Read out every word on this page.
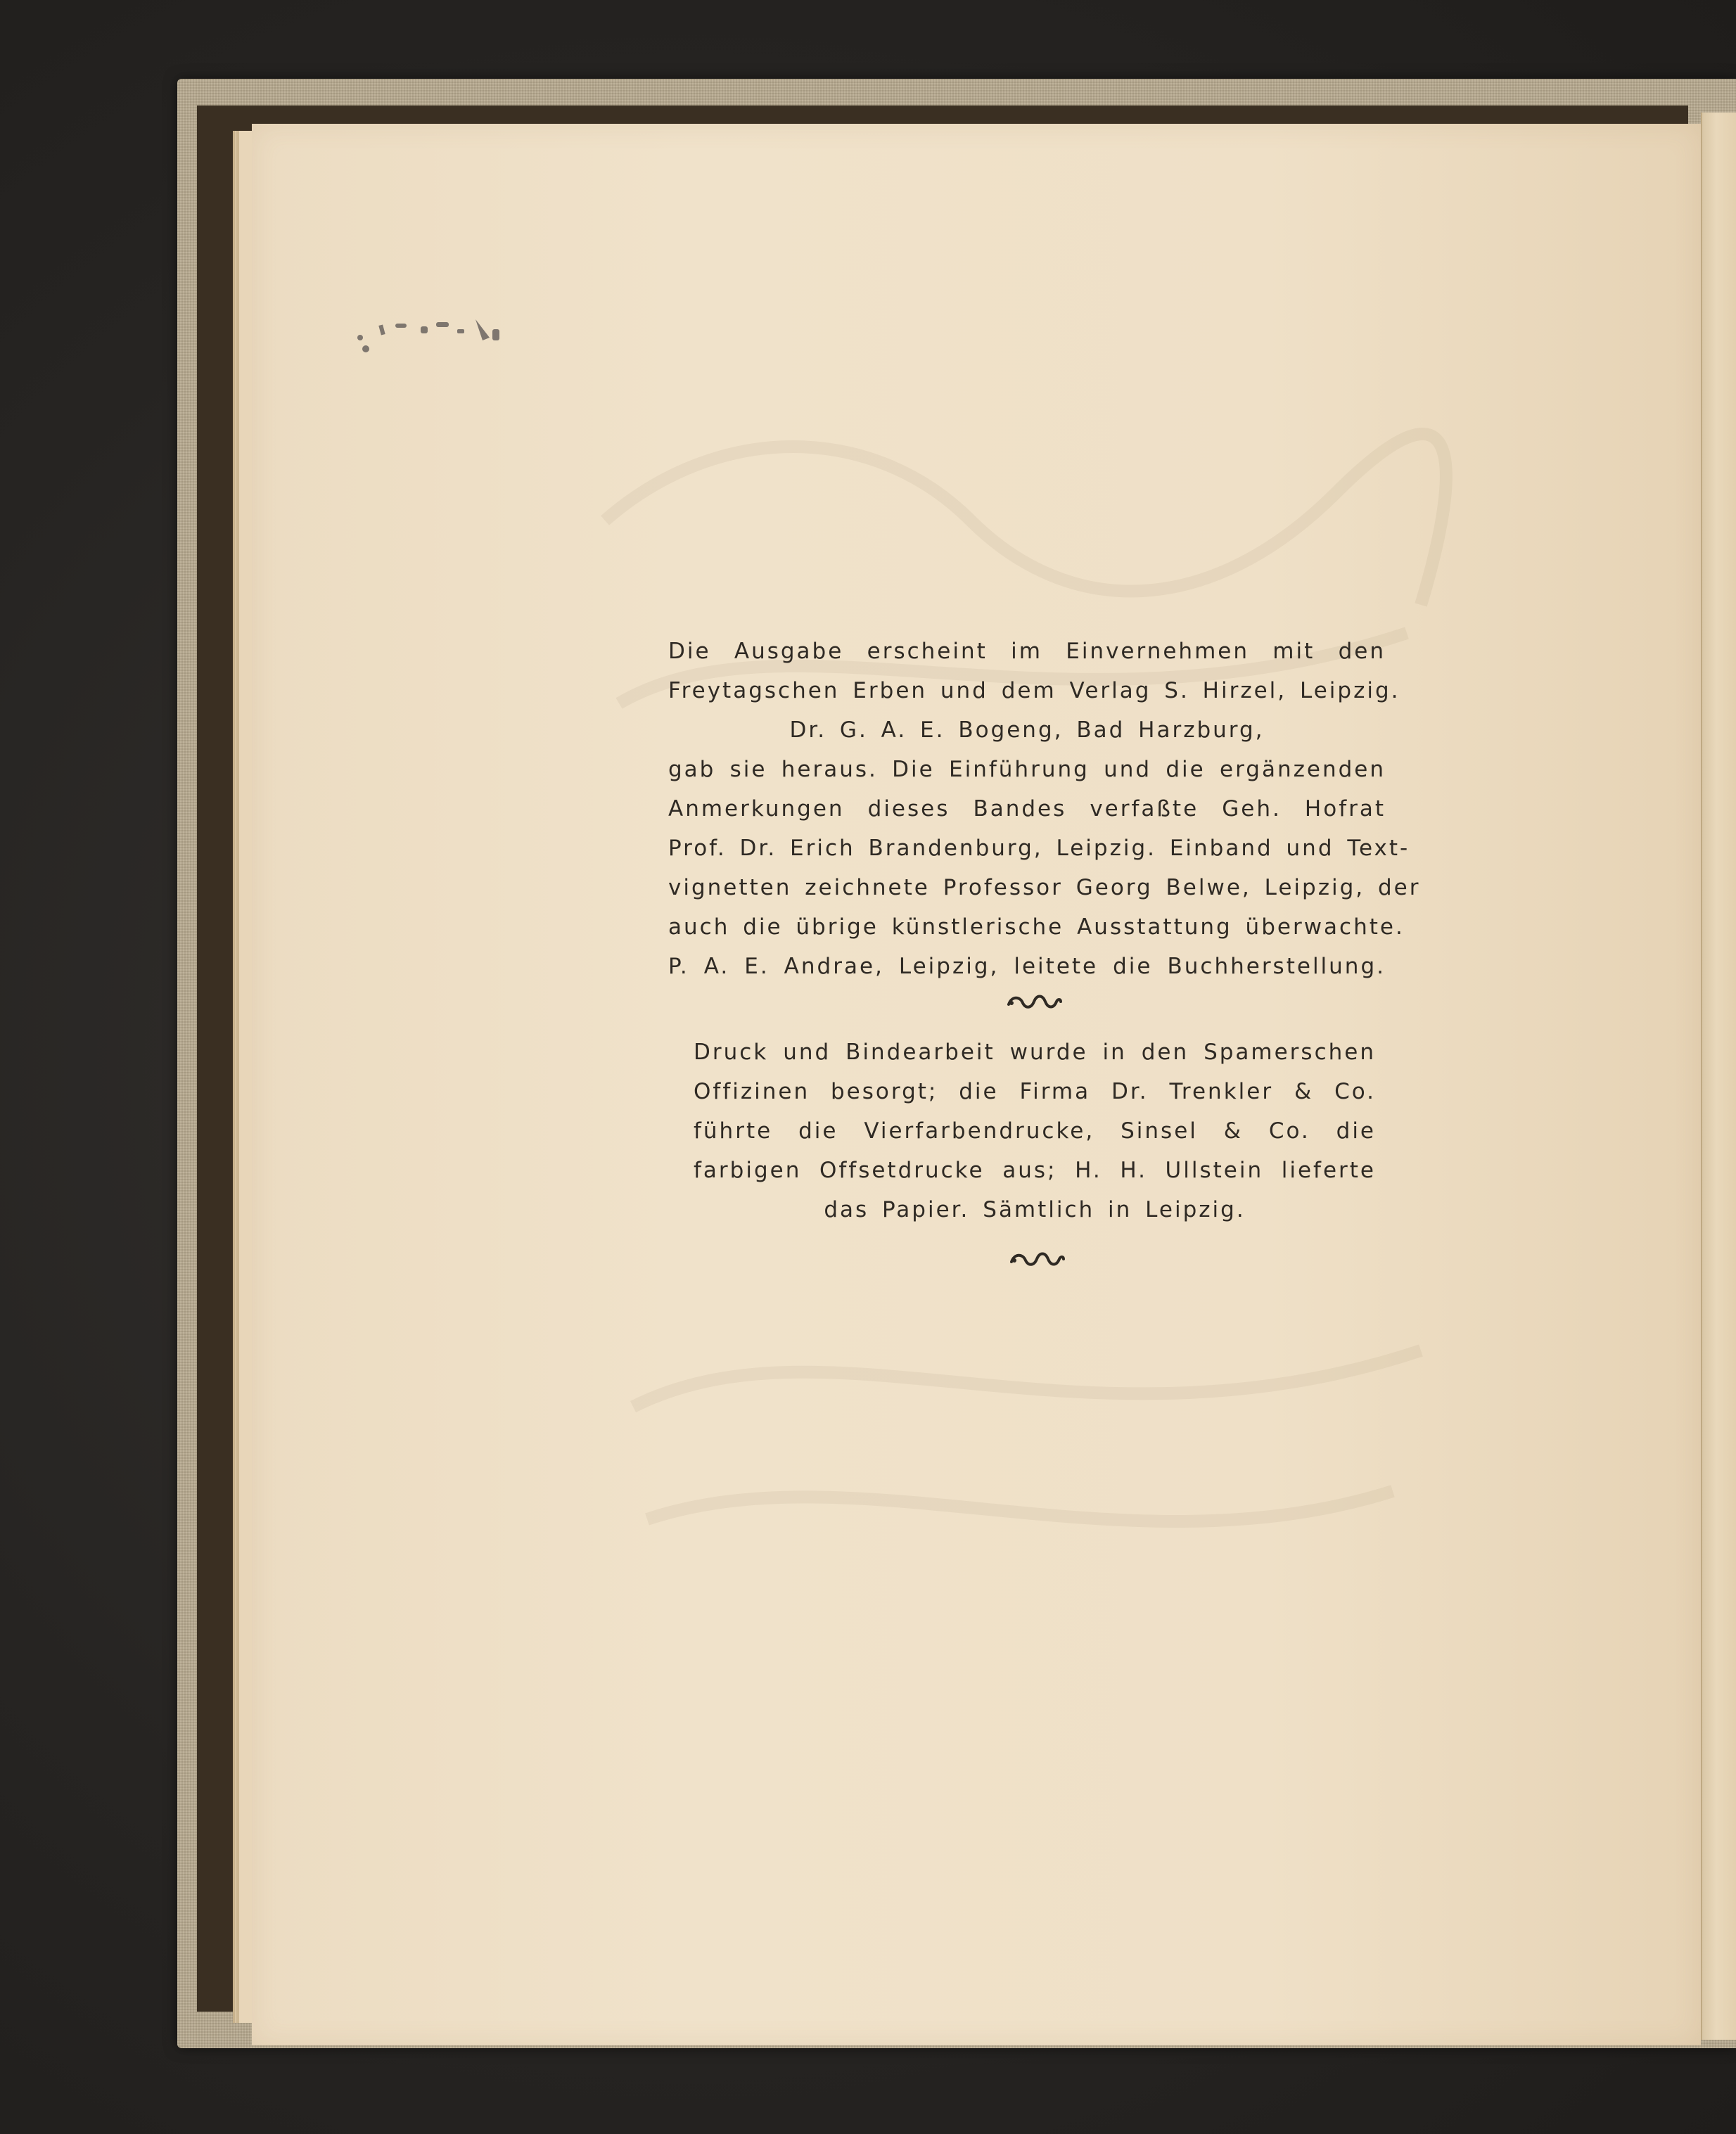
Die Ausgabe erscheint im Einvernehmen mit den
Freytagschen Erben und dem Verlag S. Hirzel, Leipzig.
Dr. G. A. E. Bogeng, Bad Harzburg,
gab sie heraus. Die Einführung und die ergänzenden
Anmerkungen dieses Bandes verfaßte Geh. Hofrat
Prof. Dr. Erich Brandenburg, Leipzig. Einband und Text-
vignetten zeichnete Professor Georg Belwe, Leipzig, der
auch die übrige künstlerische Ausstattung überwachte.
P. A. E. Andrae, Leipzig, leitete die Buchherstellung.
Druck und Bindearbeit wurde in den Spamerschen
Offizinen besorgt; die Firma Dr. Trenkler & Co.
führte die Vierfarbendrucke, Sinsel & Co. die
farbigen Offsetdrucke aus; H. H. Ullstein lieferte
das Papier. Sämtlich in Leipzig.
